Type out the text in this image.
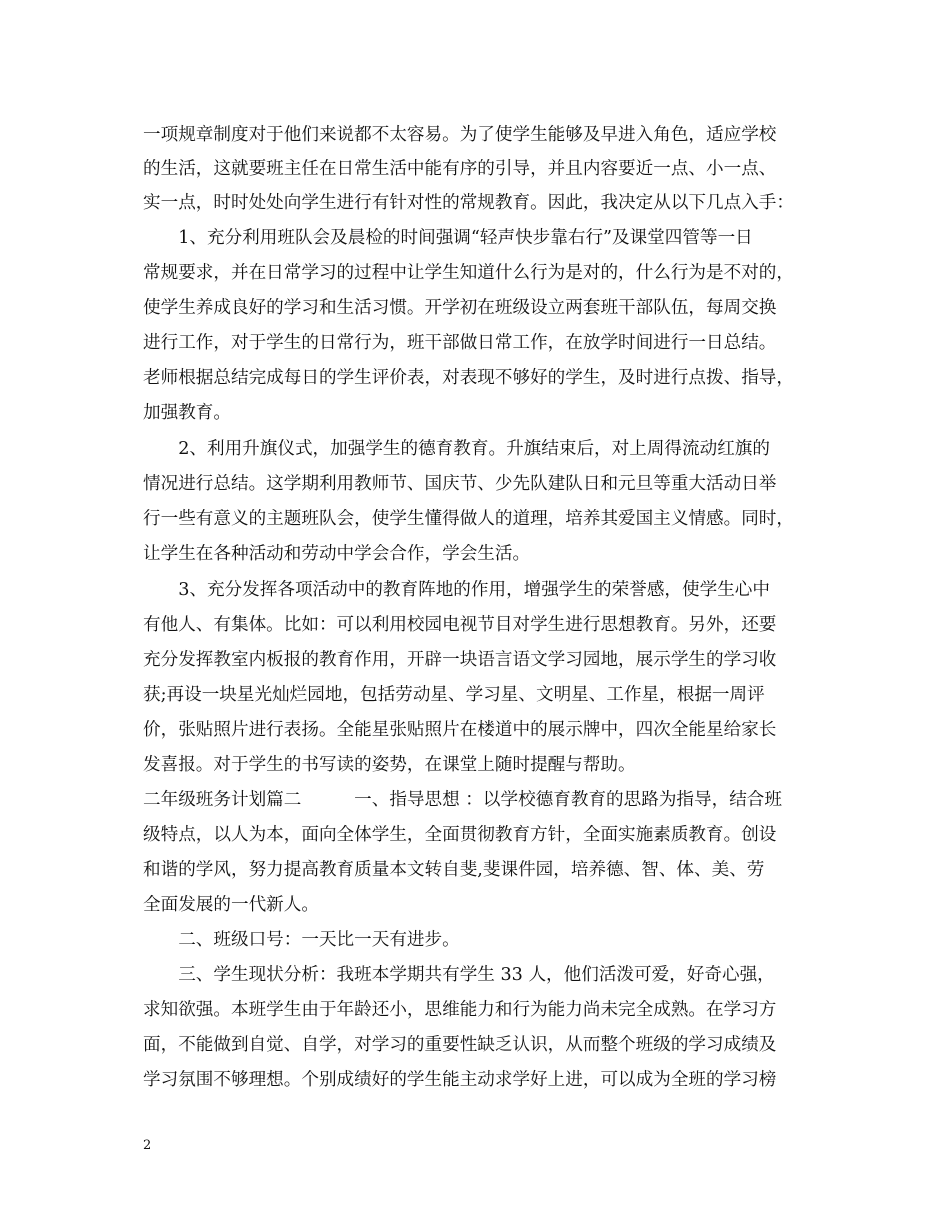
一项规章制度对于他们来说都不太容易。为了使学生能够及早进入角色，适应学校
的生活，这就要班主任在日常生活中能有序的引导，并且内容要近一点、小一点、
实一点，时时处处向学生进行有针对性的常规教育。因此，我决定从以下几点入手：
　　1、充分利用班队会及晨检的时间强调“轻声快步靠右行”及课堂四管等一日
常规要求，并在日常学习的过程中让学生知道什么行为是对的，什么行为是不对的，
使学生养成良好的学习和生活习惯。开学初在班级设立两套班干部队伍，每周交换
进行工作，对于学生的日常行为，班干部做日常工作，在放学时间进行一日总结。
老师根据总结完成每日的学生评价表，对表现不够好的学生，及时进行点拨、指导，
加强教育。
　　2、利用升旗仪式，加强学生的德育教育。升旗结束后，对上周得流动红旗的
情况进行总结。这学期利用教师节、国庆节、少先队建队日和元旦等重大活动日举
行一些有意义的主题班队会，使学生懂得做人的道理，培养其爱国主义情感。同时，
让学生在各种活动和劳动中学会合作，学会生活。
　　3、充分发挥各项活动中的教育阵地的作用，增强学生的荣誉感，使学生心中
有他人、有集体。比如：可以利用校园电视节目对学生进行思想教育。另外，还要
充分发挥教室内板报的教育作用，开辟一块语言语文学习园地，展示学生的学习收
获;再设一块星光灿烂园地，包括劳动星、学习星、文明星、工作星，根据一周评
价，张贴照片进行表扬。全能星张贴照片在楼道中的展示牌中，四次全能星给家长
发喜报。对于学生的书写读的姿势，在课堂上随时提醒与帮助。
二年级班务计划篇二　　　一、指导思想 ：以学校德育教育的思路为指导，结合班
级特点，以人为本，面向全体学生，全面贯彻教育方针，全面实施素质教育。创设
和谐的学风，努力提高教育质量本文转自斐,斐课件园，培养德、智、体、美、劳
全面发展的一代新人。
　　二、班级口号：一天比一天有进步。
　　三、学生现状分析：我班本学期共有学生 33 人，他们活泼可爱，好奇心强，
求知欲强。本班学生由于年龄还小，思维能力和行为能力尚未完全成熟。在学习方
面，不能做到自觉、自学，对学习的重要性缺乏认识，从而整个班级的学习成绩及
学习氛围不够理想。个别成绩好的学生能主动求学好上进，可以成为全班的学习榜
2
